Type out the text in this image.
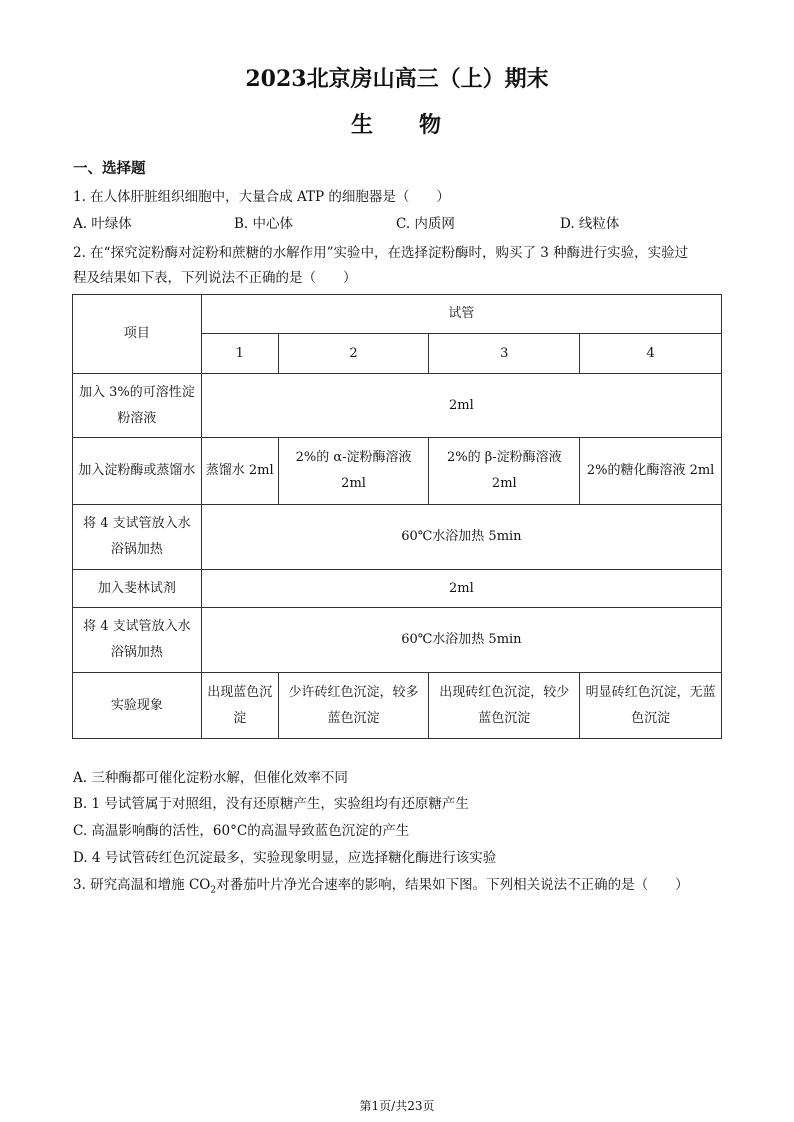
2023北京房山高三（上）期末
生 物
一、选择题
1. 在人体肝脏组织细胞中，大量合成 ATP 的细胞器是（　　）
A. 叶绿体	B. 中心体	C. 内质网	D. 线粒体
2. 在“探究淀粉酶对淀粉和蔗糖的水解作用”实验中，在选择淀粉酶时，购买了 3 种酶进行实验，实验过
程及结果如下表，下列说法不正确的是（　　）
项目	试管			
	1	2	3	4
加入 3%的可溶性淀粉溶液	2ml			
加入淀粉酶或蒸馏水	蒸馏水 2ml	2%的 α-淀粉酶溶液 2ml	2%的 β-淀粉酶溶液 2ml	2%的糖化酶溶液 2ml
将 4 支试管放入水浴锅加热	60℃水浴加热 5min			
加入斐林试剂	2ml			
将 4 支试管放入水浴锅加热	60℃水浴加热 5min			
实验现象	出现蓝色沉淀	少许砖红色沉淀，较多蓝色沉淀	出现砖红色沉淀，较少蓝色沉淀	明显砖红色沉淀，无蓝色沉淀
A. 三种酶都可催化淀粉水解，但催化效率不同
B. 1 号试管属于对照组，没有还原糖产生，实验组均有还原糖产生
C. 高温影响酶的活性，60°C的高温导致蓝色沉淀的产生
D. 4 号试管砖红色沉淀最多，实验现象明显，应选择糖化酶进行该实验
3. 研究高温和增施 $CO_2$对番茄叶片净光合速率的影响，结果如下图。下列相关说法不正确的是（　　）
第1页/共23页
